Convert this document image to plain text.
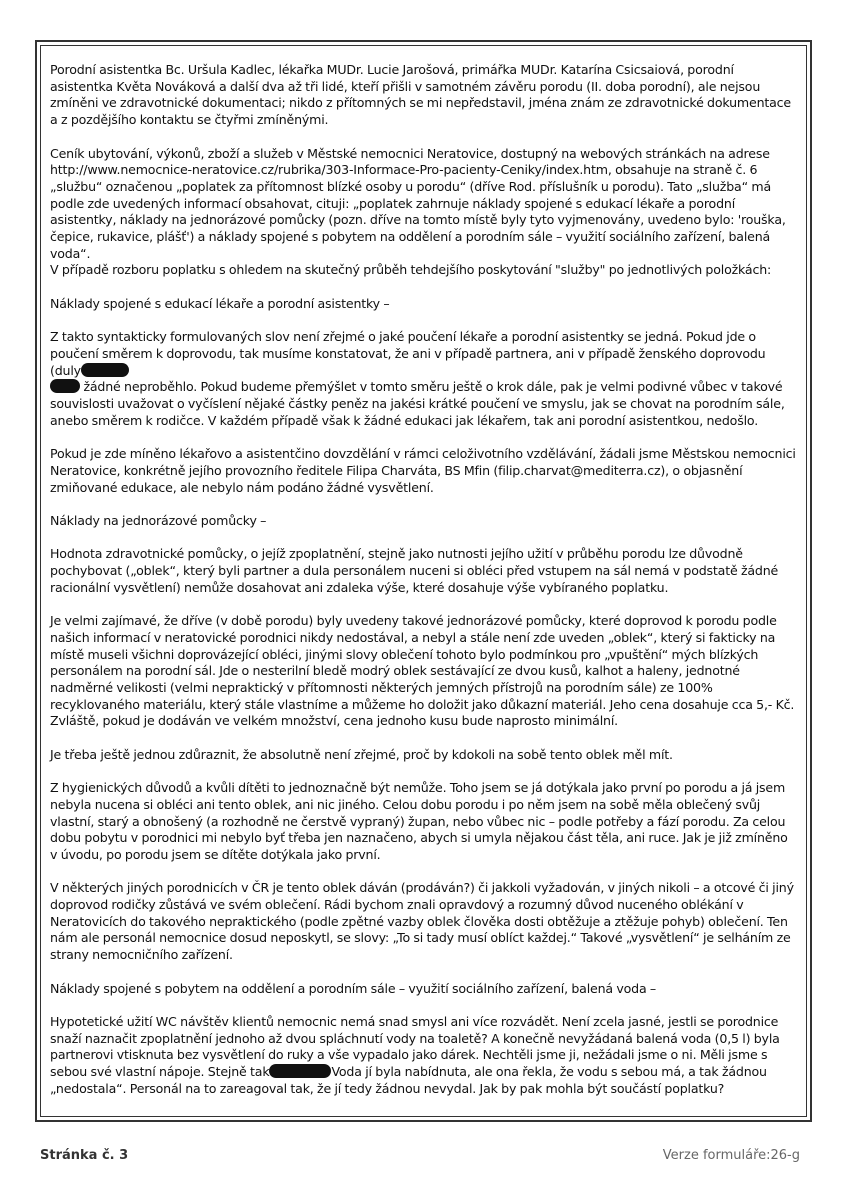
Porodní asistentka Bc. Uršula Kadlec, lékařka MUDr. Lucie Jarošová, primářka MUDr. Katarína Csicsaiová, porodní asistentka Květa Nováková a další dva až tři lidé, kteří přišli v samotném závěru porodu (II. doba porodní), ale nejsou zmíněni ve zdravotnické dokumentaci; nikdo z přítomných se mi nepředstavil, jména znám ze zdravotnické dokumentace a z pozdějšího kontaktu se čtyřmi zmíněnými.

Ceník ubytování, výkonů, zboží a služeb v Městské nemocnici Neratovice, dostupný na webových stránkách na adrese http://www.nemocnice-neratovice.cz/rubrika/303-Informace-Pro-pacienty-Ceniky/index.htm, obsahuje na straně č. 6 „službu“ označenou „poplatek za přítomnost blízké osoby u porodu“ (dříve Rod. příslušník u porodu). Tato „služba“ má podle zde uvedených informací obsahovat, cituji: „poplatek zahrnuje náklady spojené s edukací lékaře a porodní asistentky, náklady na jednorázové pomůcky (pozn. dříve na tomto místě byly tyto vyjmenovány, uvedeno bylo: 'rouška, čepice, rukavice, plášť') a náklady spojené s pobytem na oddělení a porodním sále – využití sociálního zařízení, balená voda“.

V případě rozboru poplatku s ohledem na skutečný průběh tehdejšího poskytování "služby" po jednotlivých položkách:

Náklady spojené s edukací lékaře a porodní asistentky –

Z takto syntakticky formulovaných slov není zřejmé o jaké poučení lékaře a porodní asistentky se jedná. Pokud jde o poučení směrem k doprovodu, tak musíme konstatovat, že ani v případě partnera, ani v případě ženského doprovodu (duly
žádné neproběhlo. Pokud budeme přemýšlet v tomto směru ještě o krok dále, pak je velmi podivné vůbec v takové souvislosti uvažovat o vyčíslení nějaké částky peněz na jakési krátké poučení ve smyslu, jak se chovat na porodním sále, anebo směrem k rodičce. V každém případě však k žádné edukaci jak lékařem, tak ani porodní asistentkou, nedošlo.

Pokud je zde míněno lékařovo a asistentčino dovzdělání v rámci celoživotního vzdělávání, žádali jsme Městskou nemocnici Neratovice, konkrétně jejího provozního ředitele Filipa Charváta, BS Mfin (filip.charvat@mediterra.cz), o objasnění zmiňované edukace, ale nebylo nám podáno žádné vysvětlení.

Náklady na jednorázové pomůcky –

Hodnota zdravotnické pomůcky, o jejíž zpoplatnění, stejně jako nutnosti jejího užití v průběhu porodu lze důvodně pochybovat („oblek“, který byli partner a dula personálem nuceni si obléci před vstupem na sál nemá v podstatě žádné racionální vysvětlení) nemůže dosahovat ani zdaleka výše, které dosahuje výše vybíraného poplatku.

Je velmi zajímavé, že dříve (v době porodu) byly uvedeny takové jednorázové pomůcky, které doprovod k porodu podle našich informací v neratovické porodnici nikdy nedostával, a nebyl a stále není zde uveden „oblek“, který si fakticky na místě museli všichni doprovázející obléci, jinými slovy oblečení tohoto bylo podmínkou pro „vpuštění“ mých blízkých personálem na porodní sál. Jde o nesterilní bledě modrý oblek sestávající ze dvou kusů, kalhot a haleny, jednotné nadměrné velikosti (velmi nepraktický v přítomnosti některých jemných přístrojů na porodním sále) ze 100% recyklovaného materiálu, který stále vlastníme a můžeme ho doložit jako důkazní materiál. Jeho cena dosahuje cca 5,- Kč. Zvláště, pokud je dodáván ve velkém množství, cena jednoho kusu bude naprosto minimální.

Je třeba ještě jednou zdůraznit, že absolutně není zřejmé, proč by kdokoli na sobě tento oblek měl mít.

Z hygienických důvodů a kvůli dítěti to jednoznačně být nemůže. Toho jsem se já dotýkala jako první po porodu a já jsem nebyla nucena si obléci ani tento oblek, ani nic jiného. Celou dobu porodu i po něm jsem na sobě měla oblečený svůj vlastní, starý a obnošený (a rozhodně ne čerstvě vypraný) župan, nebo vůbec nic – podle potřeby a fází porodu. Za celou dobu pobytu v porodnici mi nebylo byť třeba jen naznačeno, abych si umyla nějakou část těla, ani ruce. Jak je již zmíněno v úvodu, po porodu jsem se dítěte dotýkala jako první.

V některých jiných porodnicích v ČR je tento oblek dáván (prodáván?) či jakkoli vyžadován, v jiných nikoli – a otcové či jiný doprovod rodičky zůstává ve svém oblečení. Rádi bychom znali opravdový a rozumný důvod nuceného oblékání v Neratovicích do takového nepraktického (podle zpětné vazby oblek člověka dosti obtěžuje a ztěžuje pohyb) oblečení. Ten nám ale personál nemocnice dosud neposkytl, se slovy: „To si tady musí oblíct každej.“ Takové „vysvětlení“ je selháním ze strany nemocničního zařízení.

Náklady spojené s pobytem na oddělení a porodním sále – využití sociálního zařízení, balená voda –

Hypotetické užití WC návštěv klientů nemocnic nemá snad smysl ani více rozvádět. Není zcela jasné, jestli se porodnice snaží naznačit zpoplatnění jednoho až dvou spláchnutí vody na toaletě? A konečně nevyžádaná balená voda (0,5 l) byla partnerovi vtisknuta bez vysvětlení do ruky a vše vypadalo jako dárek. Nechtěli jsme ji, nežádali jsme o ni. Měli jsme s sebou své vlastní nápoje. Stejně tak	Voda jí byla nabídnuta, ale ona řekla, že vodu s sebou má, a tak žádnou „nedostala“. Personál na to zareagoval tak, že jí tedy žádnou nevydal. Jak by pak mohla být součástí poplatku?

Stránka č. 3	Verze formuláře:26-g
